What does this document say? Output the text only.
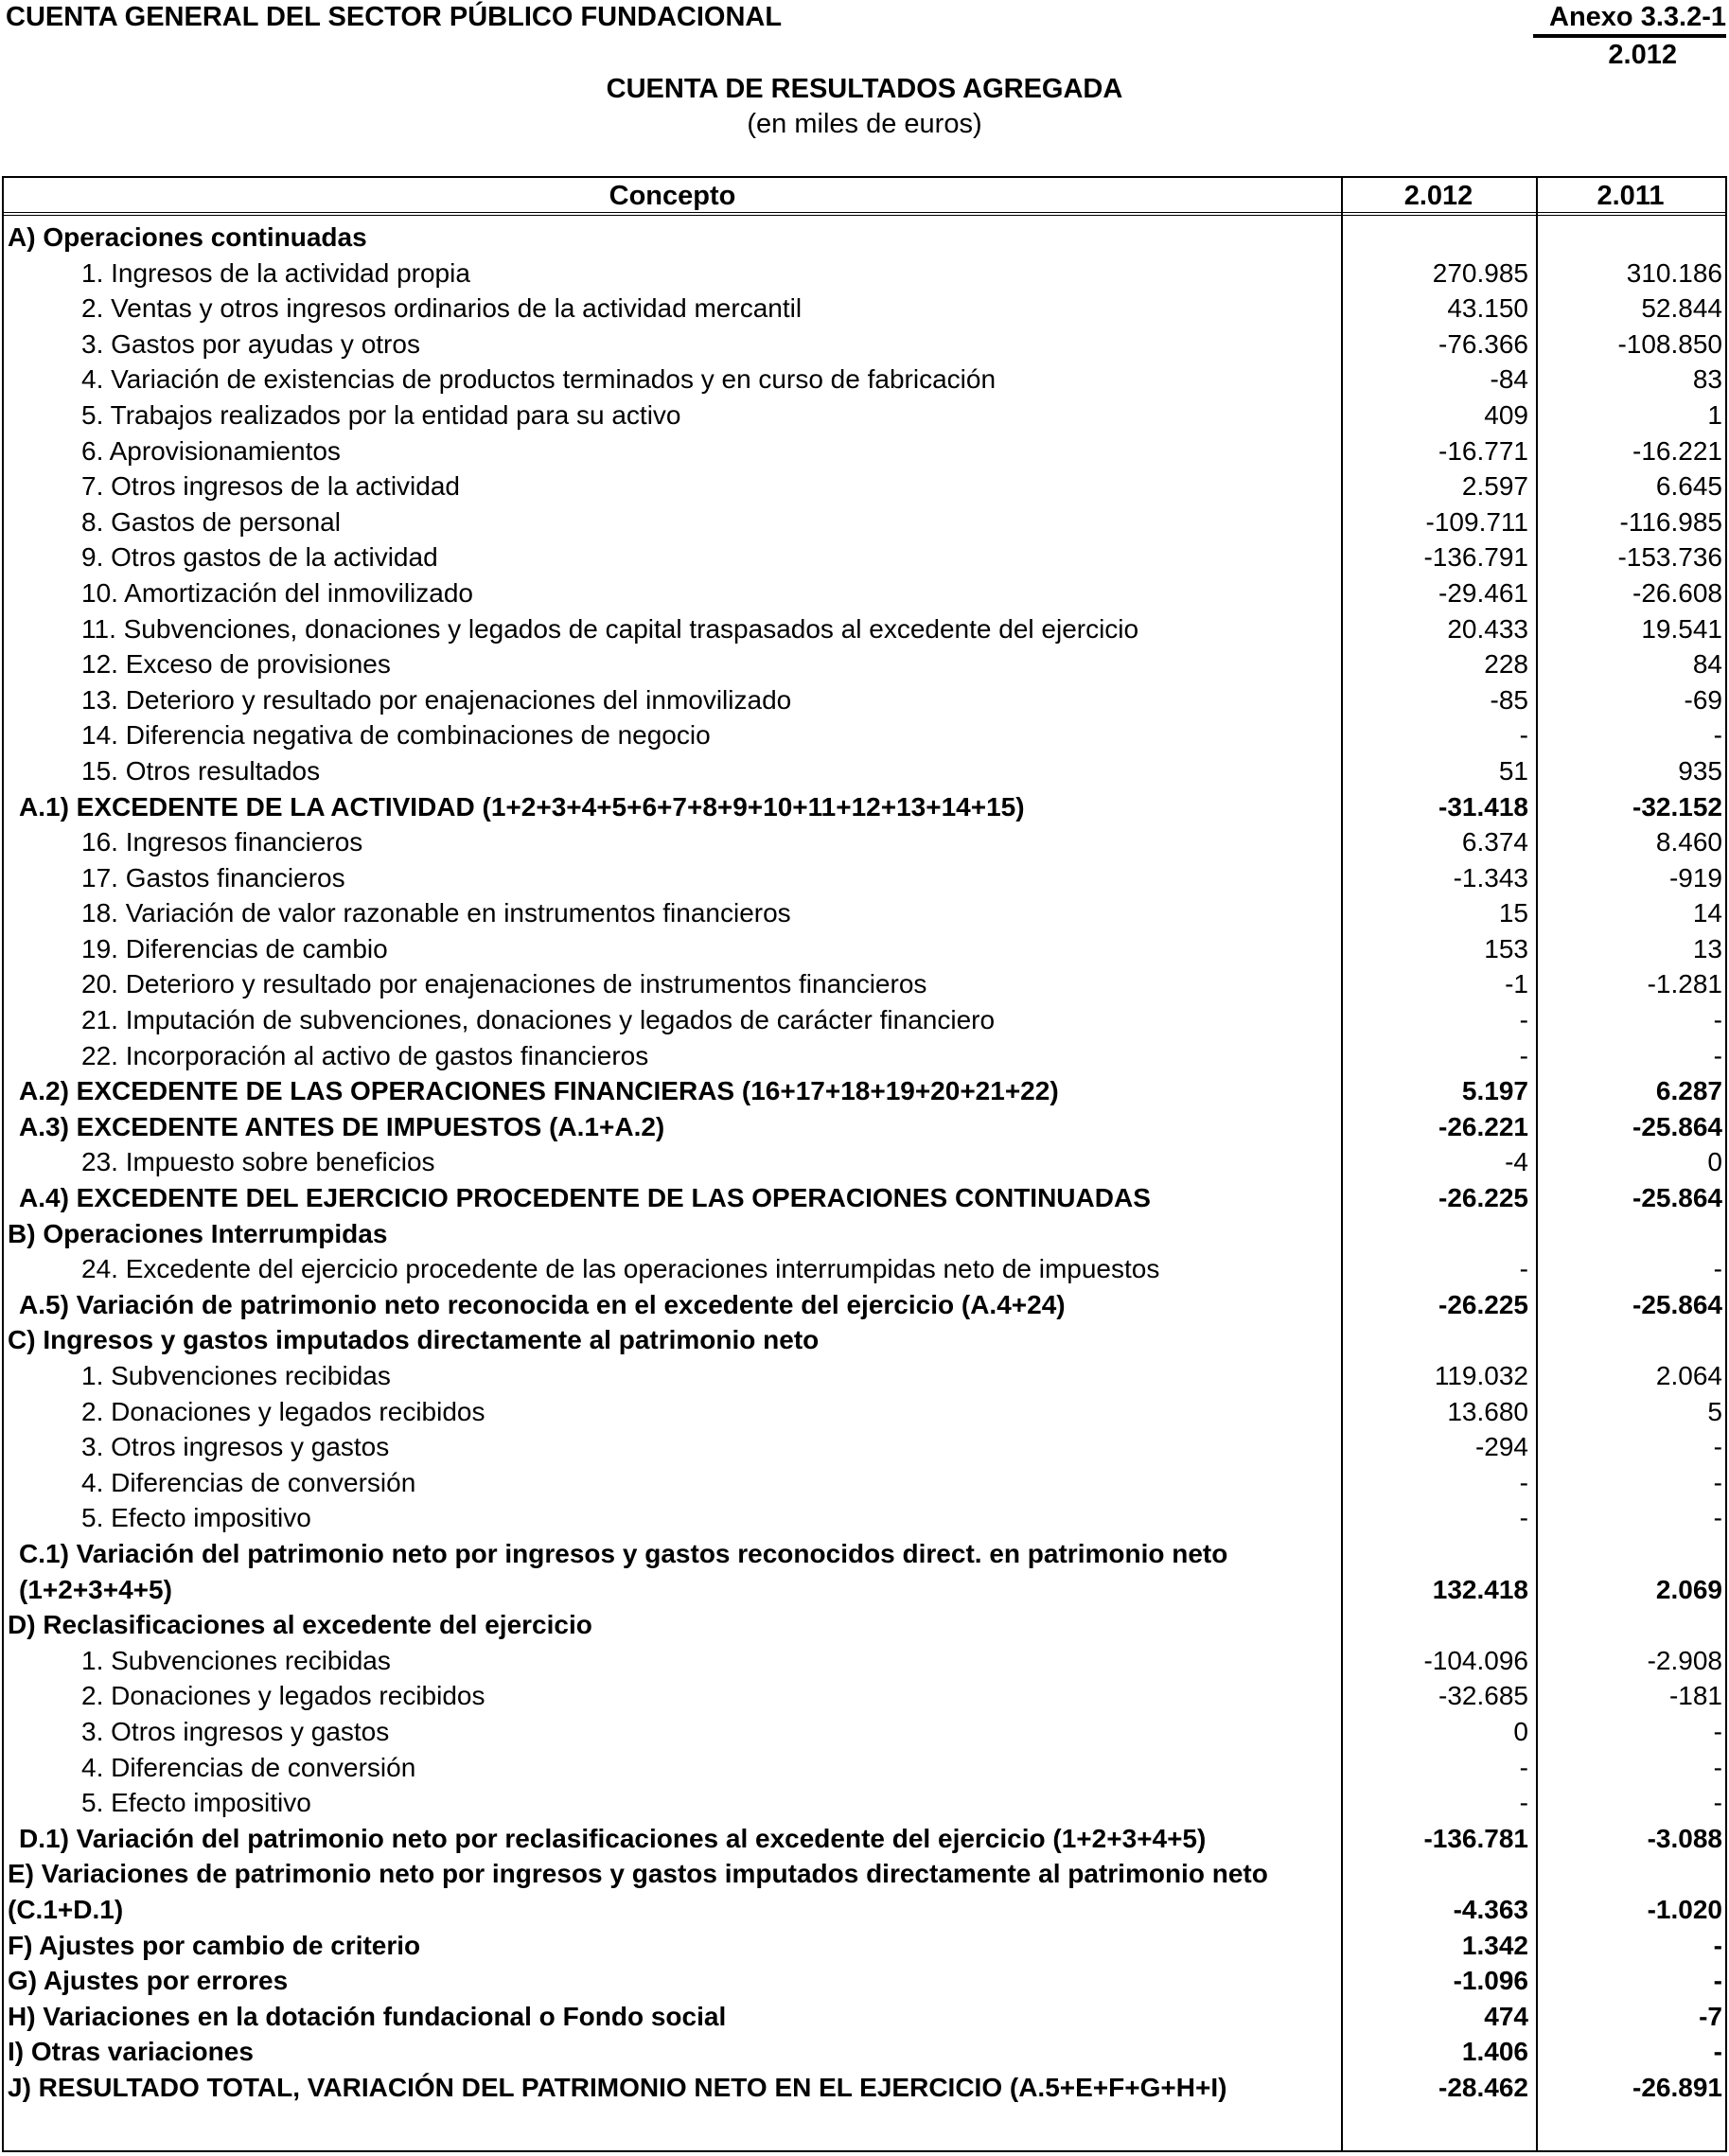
CUENTA GENERAL DEL SECTOR PÚBLICO FUNDACIONAL	Anexo 3.3.2-1
2.012
CUENTA DE RESULTADOS AGREGADA
(en miles de euros)
Concepto	2.012	2.011
A) Operaciones continuadas
1. Ingresos de la actividad propia	270.985	310.186
2. Ventas y otros ingresos ordinarios de la actividad mercantil	43.150	52.844
3. Gastos por ayudas y otros	-76.366	-108.850
4. Variación de existencias de productos terminados y en curso de fabricación	-84	83
5. Trabajos realizados por la entidad para su activo	409	1
6. Aprovisionamientos	-16.771	-16.221
7. Otros ingresos de la actividad	2.597	6.645
8. Gastos de personal	-109.711	-116.985
9. Otros gastos de la actividad	-136.791	-153.736
10. Amortización del inmovilizado	-29.461	-26.608
11. Subvenciones, donaciones y legados de capital traspasados al excedente del ejercicio	20.433	19.541
12. Exceso de provisiones	228	84
13. Deterioro y resultado por enajenaciones del inmovilizado	-85	-69
14. Diferencia negativa de combinaciones de negocio	-	-
15. Otros resultados	51	935
A.1) EXCEDENTE DE LA ACTIVIDAD (1+2+3+4+5+6+7+8+9+10+11+12+13+14+15)	-31.418	-32.152
16. Ingresos financieros	6.374	8.460
17. Gastos financieros	-1.343	-919
18. Variación de valor razonable en instrumentos financieros	15	14
19. Diferencias de cambio	153	13
20. Deterioro y resultado por enajenaciones de instrumentos financieros	-1	-1.281
21. Imputación de subvenciones, donaciones y legados de carácter financiero	-	-
22. Incorporación al activo de gastos financieros	-	-
A.2) EXCEDENTE DE LAS OPERACIONES FINANCIERAS (16+17+18+19+20+21+22)	5.197	6.287
A.3) EXCEDENTE ANTES DE IMPUESTOS (A.1+A.2)	-26.221	-25.864
23. Impuesto sobre beneficios	-4	0
A.4) EXCEDENTE DEL EJERCICIO PROCEDENTE DE LAS OPERACIONES CONTINUADAS	-26.225	-25.864
B) Operaciones Interrumpidas
24. Excedente del ejercicio procedente de las operaciones interrumpidas neto de impuestos	-	-
A.5) Variación de patrimonio neto reconocida en el excedente del ejercicio (A.4+24)	-26.225	-25.864
C) Ingresos y gastos imputados directamente al patrimonio neto
1. Subvenciones recibidas	119.032	2.064
2. Donaciones y legados recibidos	13.680	5
3. Otros ingresos y gastos	-294	-
4. Diferencias de conversión	-	-
5. Efecto impositivo	-	-
C.1) Variación del patrimonio neto por ingresos y gastos reconocidos direct. en patrimonio neto (1+2+3+4+5)	132.418	2.069
D) Reclasificaciones al excedente del ejercicio
1. Subvenciones recibidas	-104.096	-2.908
2. Donaciones y legados recibidos	-32.685	-181
3. Otros ingresos y gastos	0	-
4. Diferencias de conversión	-	-
5. Efecto impositivo	-	-
D.1) Variación del patrimonio neto por reclasificaciones al excedente del ejercicio (1+2+3+4+5)	-136.781	-3.088
E) Variaciones de patrimonio neto por ingresos y gastos imputados directamente al patrimonio neto (C.1+D.1)	-4.363	-1.020
F) Ajustes por cambio de criterio	1.342	-
G) Ajustes por errores	-1.096	-
H) Variaciones en la dotación fundacional o Fondo social	474	-7
I) Otras variaciones	1.406	-
J) RESULTADO TOTAL, VARIACIÓN DEL PATRIMONIO NETO EN EL EJERCICIO (A.5+E+F+G+H+I)	-28.462	-26.891
